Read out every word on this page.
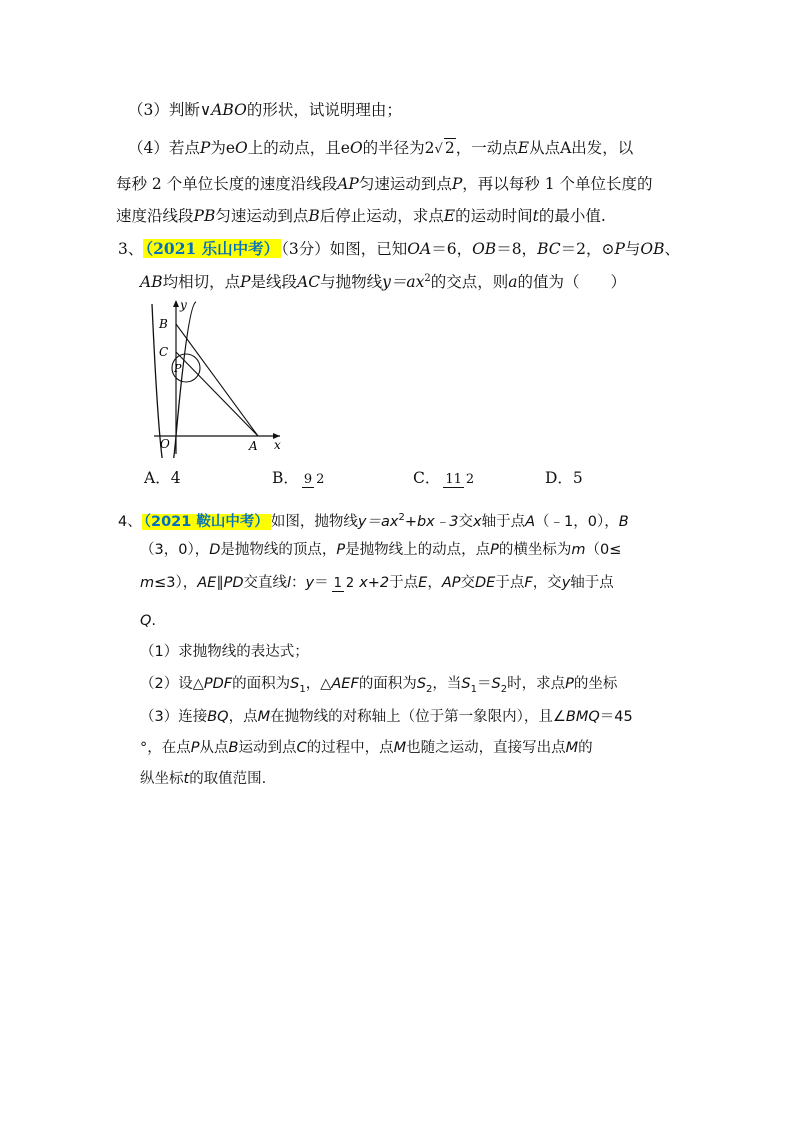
（3）判断∨ABO的形状，试说明理由；
（4）若点P为eO上的动点，且eO的半径为2√ 2，一动点E从点A出发，以
每秒 2 个单位长度的速度沿线段AP匀速运动到点P，再以每秒 1 个单位长度的
速度沿线段PB匀速运动到点B后停止运动，求点E的运动时间t的最小值.
3、 （2021 乐山中考） （3分）如图，已知OA＝6，OB＝8，BC＝2，⊙P与OB、
AB均相切，点P是线段AC与抛物线$y=ax^2$的交点，则a的值为（　　）
y
B
C
P
O	A x
A．4	B． 9 2	C． 11 2	D．5
4、 （2021 鞍山中考） 如图，抛物线$y=ax^2+bx﹣3$交x轴于点A（﹣1，0），B
（3，0），D是抛物线的顶点，P是抛物线上的动点，点P的横坐标为m（0≤
m≤3），AE∥PD交直线l：y＝ 1 2 x+2于点E，AP交DE于点F，交y轴于点
Q.
（1）求抛物线的表达式；
（2）设△PDF的面积为$S_1$，△AEF的面积为$S_2$，当$S_1=S_2$时，求点P的坐标
（3）连接BQ，点M在抛物线的对称轴上（位于第一象限内），且∠BMQ＝45
°，在点P从点B运动到点C的过程中，点M也随之运动，直接写出点M的
纵坐标t的取值范围.
